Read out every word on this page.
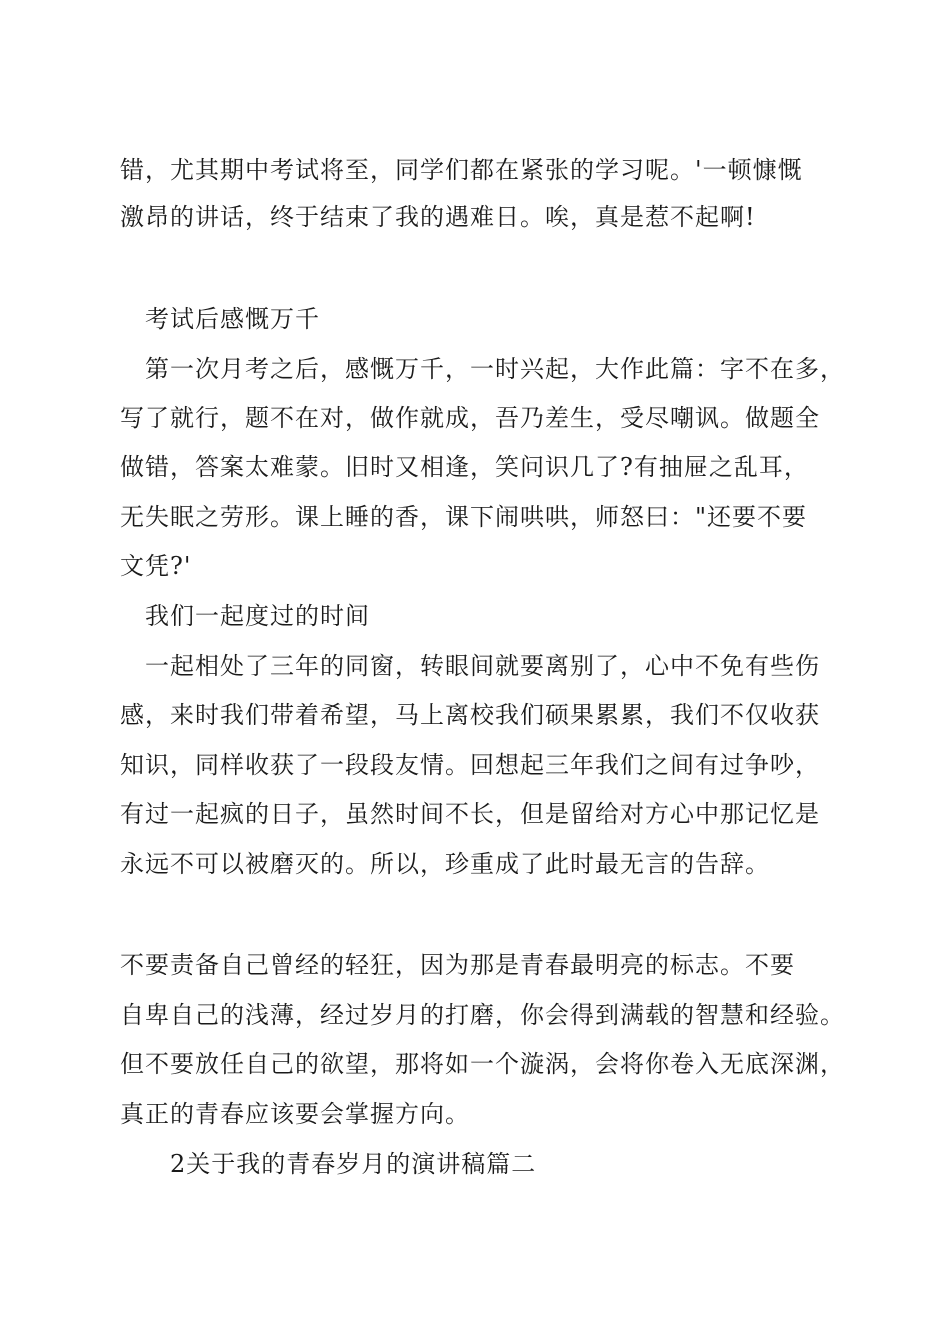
错，尤其期中考试将至，同学们都在紧张的学习呢。'一顿慷慨
激昂的讲话，终于结束了我的遇难日。唉，真是惹不起啊!
考试后感慨万千
第一次月考之后，感慨万千，一时兴起，大作此篇：字不在多，
写了就行，题不在对，做作就成，吾乃差生，受尽嘲讽。做题全
做错，答案太难蒙。旧时又相逢，笑问识几了?有抽屉之乱耳，
无失眠之劳形。课上睡的香，课下闹哄哄，师怒曰："还要不要
文凭?'
我们一起度过的时间
一起相处了三年的同窗，转眼间就要离别了，心中不免有些伤
感，来时我们带着希望，马上离校我们硕果累累，我们不仅收获
知识，同样收获了一段段友情。回想起三年我们之间有过争吵，
有过一起疯的日子，虽然时间不长，但是留给对方心中那记忆是
永远不可以被磨灭的。所以，珍重成了此时最无言的告辞。
不要责备自己曾经的轻狂，因为那是青春最明亮的标志。不要
自卑自己的浅薄，经过岁月的打磨，你会得到满载的智慧和经验。
但不要放任自己的欲望，那将如一个漩涡，会将你卷入无底深渊，
真正的青春应该要会掌握方向。
2关于我的青春岁月的演讲稿篇二
